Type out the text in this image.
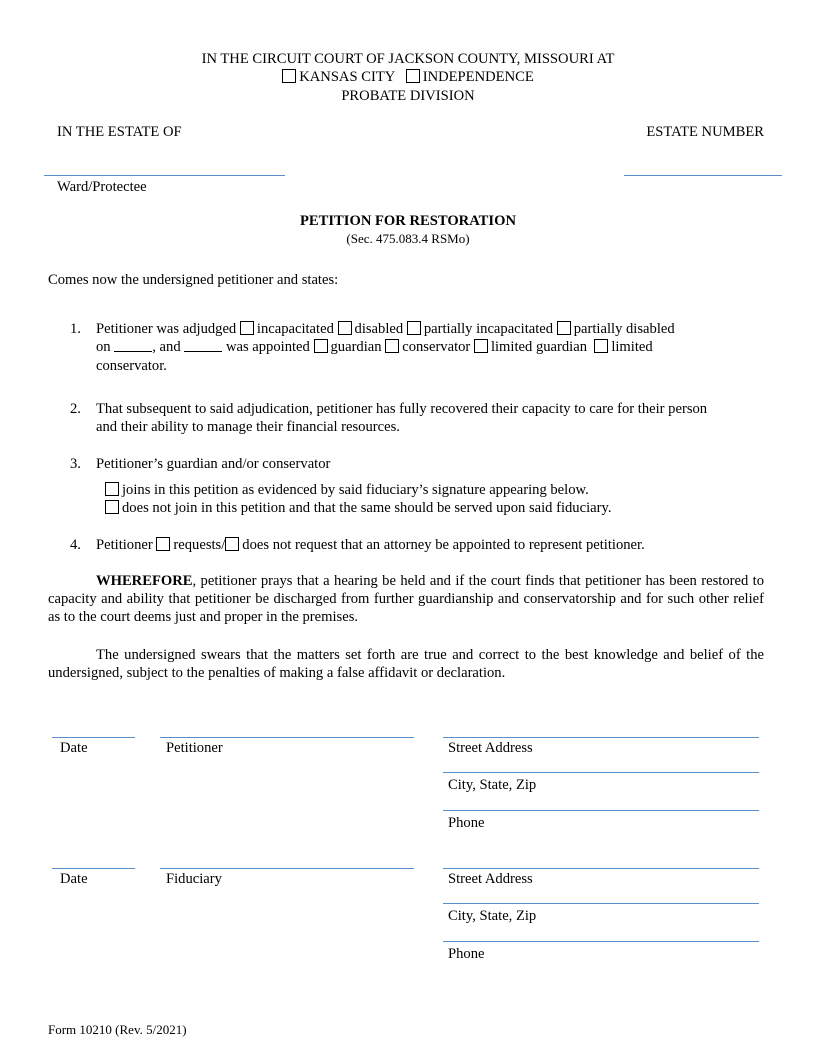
IN THE CIRCUIT COURT OF JACKSON COUNTY, MISSOURI AT
KANSAS CITY INDEPENDENCE
PROBATE DIVISION
IN THE ESTATE OF	ESTATE NUMBER
Ward/Protectee
PETITION FOR RESTORATION
(Sec. 475.083.4 RSMo)
Comes now the undersigned petitioner and states:
1. Petitioner was adjudged incapacitated disabled partially incapacitated partially disabled
on	, and	was appointed guardian conservator limited guardian limited
conservator.
2. That subsequent to said adjudication, petitioner has fully recovered their capacity to care for their person
and their ability to manage their financial resources.
3. Petitioner’s guardian and/or conservator
joins in this petition as evidenced by said fiduciary’s signature appearing below.
does not join in this petition and that the same should be served upon said fiduciary.
4. Petitioner requests/ does not request that an attorney be appointed to represent petitioner.
WHEREFORE, petitioner prays that a hearing be held and if the court finds that petitioner has been restored to capacity and ability that petitioner be discharged from further guardianship and conservatorship and for such other relief as to the court deems just and proper in the premises.
The undersigned swears that the matters set forth are true and correct to the best knowledge and belief of the undersigned, subject to the penalties of making a false affidavit or declaration.
Date	Petitioner	Street Address
City, State, Zip
Phone
Date	Fiduciary	Street Address
City, State, Zip
Phone
Form 10210 (Rev. 5/2021)
